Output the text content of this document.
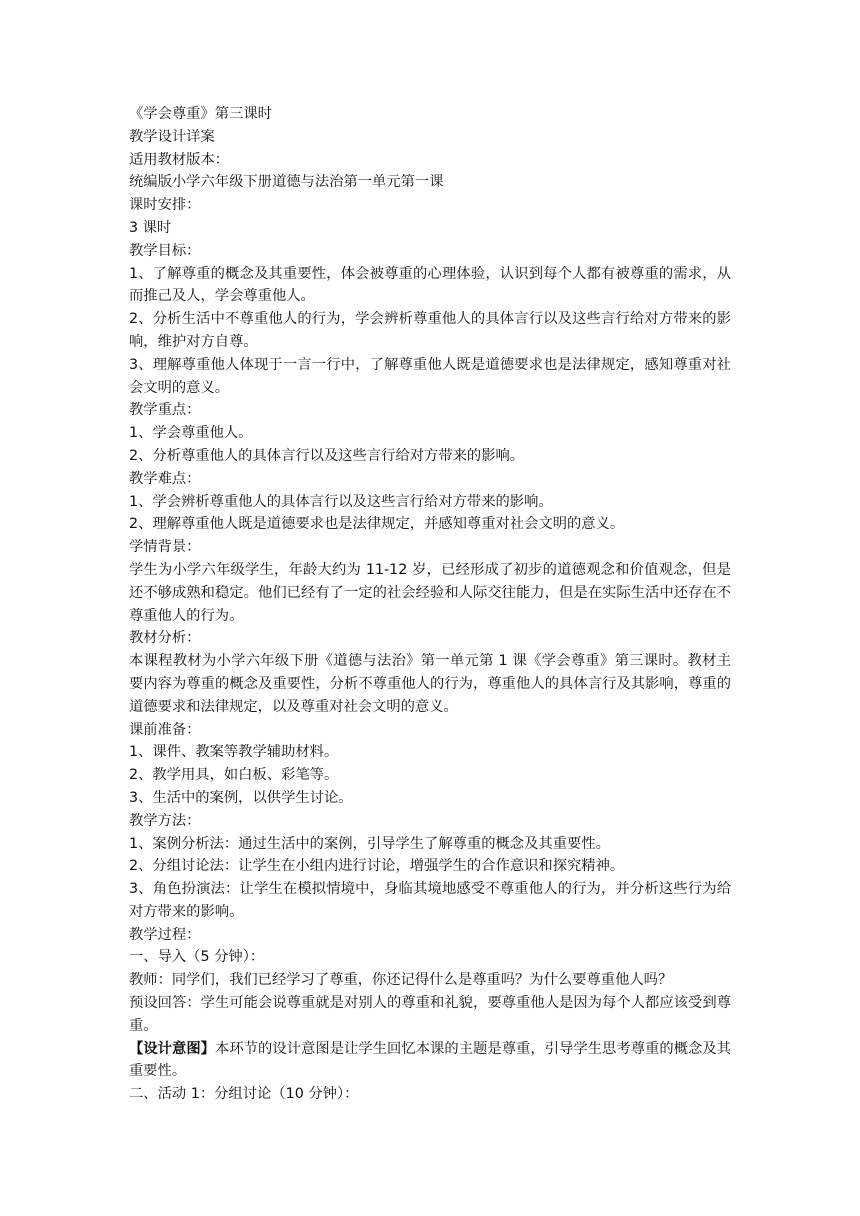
《学会尊重》第三课时

教学设计详案

适用教材版本：

统编版小学六年级下册道德与法治第一单元第一课

课时安排：

3 课时

教学目标：

1、了解尊重的概念及其重要性，体会被尊重的心理体验，认识到每个人都有被尊重的需求，从而推己及人，学会尊重他人。

2、分析生活中不尊重他人的行为，学会辨析尊重他人的具体言行以及这些言行给对方带来的影响，维护对方自尊。

3、理解尊重他人体现于一言一行中，了解尊重他人既是道德要求也是法律规定，感知尊重对社会文明的意义。

教学重点：

1、学会尊重他人。

2、分析尊重他人的具体言行以及这些言行给对方带来的影响。

教学难点：

1、学会辨析尊重他人的具体言行以及这些言行给对方带来的影响。

2、理解尊重他人既是道德要求也是法律规定，并感知尊重对社会文明的意义。

学情背景：

学生为小学六年级学生，年龄大约为 11-12 岁，已经形成了初步的道德观念和价值观念，但是还不够成熟和稳定。他们已经有了一定的社会经验和人际交往能力，但是在实际生活中还存在不尊重他人的行为。

教材分析：

本课程教材为小学六年级下册《道德与法治》第一单元第 1 课《学会尊重》第三课时。教材主要内容为尊重的概念及重要性，分析不尊重他人的行为，尊重他人的具体言行及其影响，尊重的道德要求和法律规定，以及尊重对社会文明的意义。

课前准备：

1、课件、教案等教学辅助材料。

2、教学用具，如白板、彩笔等。

3、生活中的案例，以供学生讨论。

教学方法：

1、案例分析法：通过生活中的案例，引导学生了解尊重的概念及其重要性。

2、分组讨论法：让学生在小组内进行讨论，增强学生的合作意识和探究精神。

3、角色扮演法：让学生在模拟情境中，身临其境地感受不尊重他人的行为，并分析这些行为给对方带来的影响。

教学过程：

一、导入（5 分钟）：

教师：同学们，我们已经学习了尊重，你还记得什么是尊重吗？为什么要尊重他人吗？

预设回答：学生可能会说尊重就是对别人的尊重和礼貌，要尊重他人是因为每个人都应该受到尊重。

【设计意图】本环节的设计意图是让学生回忆本课的主题是尊重，引导学生思考尊重的概念及其重要性。

二、活动 1：分组讨论（10 分钟）：
